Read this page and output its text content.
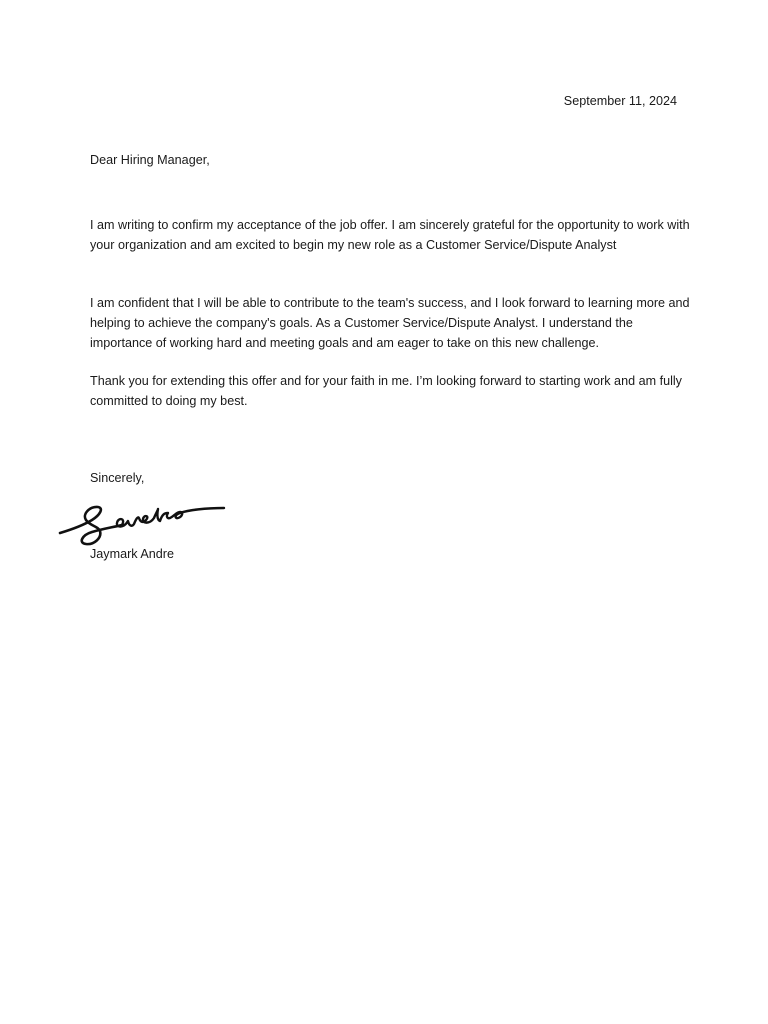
September 11, 2024
Dear Hiring Manager,
I am writing to confirm my acceptance of the job offer. I am sincerely grateful for the opportunity to work with your organization and am excited to begin my new role as a Customer Service/Dispute Analyst
I am confident that I will be able to contribute to the team's success, and I look forward to learning more and helping to achieve the company's goals. As a Customer Service/Dispute Analyst. I understand the importance of working hard and meeting goals and am eager to take on this new challenge.
Thank you for extending this offer and for your faith in me. I’m looking forward to starting work and am fully committed to doing my best.
Sincerely,
Jaymark Andre
